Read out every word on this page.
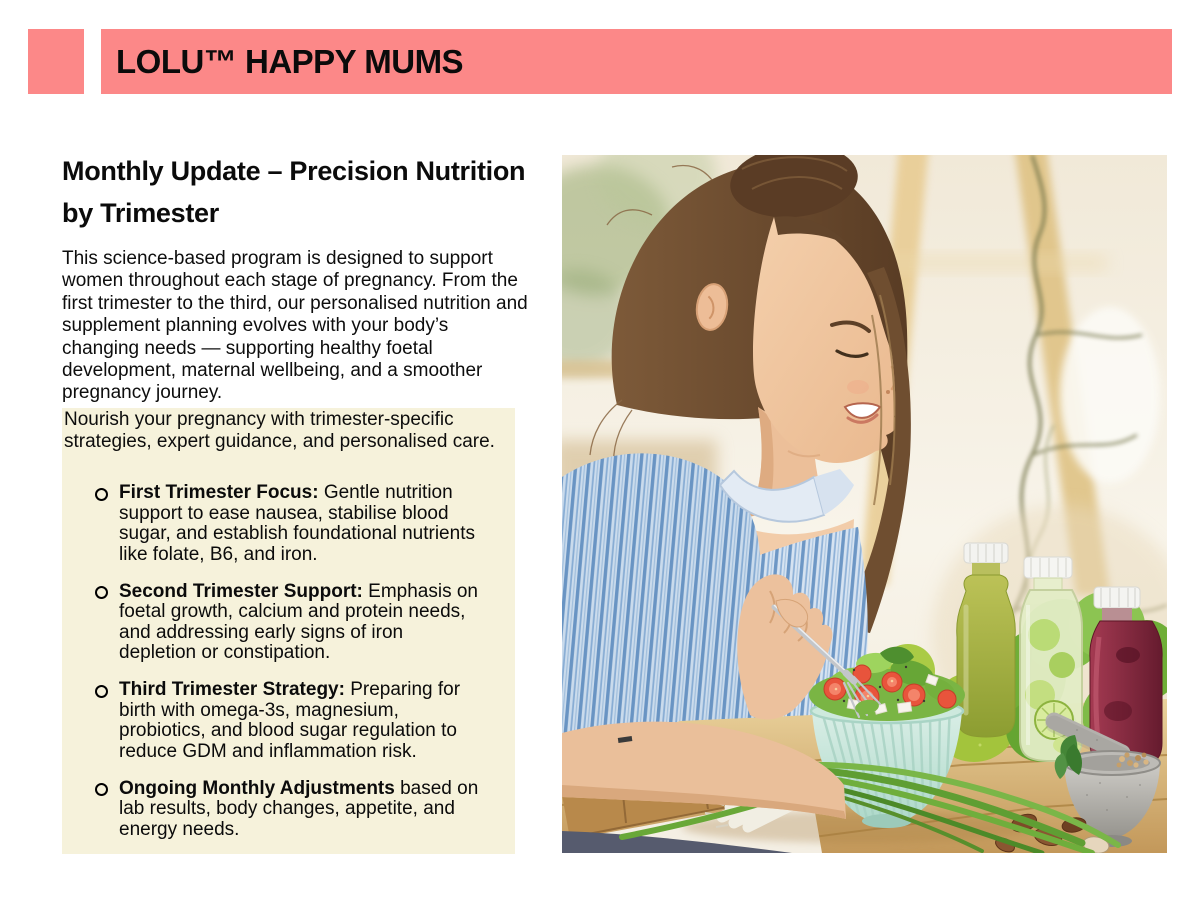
LOLU™ HAPPY MUMS
Monthly Update – Precision Nutrition by Trimester

This science-based program is designed to support women throughout each stage of pregnancy. From the first trimester to the third, our personalised nutrition and supplement planning evolves with your body’s changing needs — supporting healthy foetal development, maternal wellbeing, and a smoother pregnancy journey.

Nourish your pregnancy with trimester-specific strategies, expert guidance, and personalised care.

First Trimester Focus: Gentle nutrition support to ease nausea, stabilise blood sugar, and establish foundational nutrients like folate, B6, and iron.
Second Trimester Support: Emphasis on foetal growth, calcium and protein needs, and addressing early signs of iron depletion or constipation.
Third Trimester Strategy: Preparing for birth with omega-3s, magnesium, probiotics, and blood sugar regulation to reduce GDM and inflammation risk.
Ongoing Monthly Adjustments based on lab results, body changes, appetite, and energy needs.
